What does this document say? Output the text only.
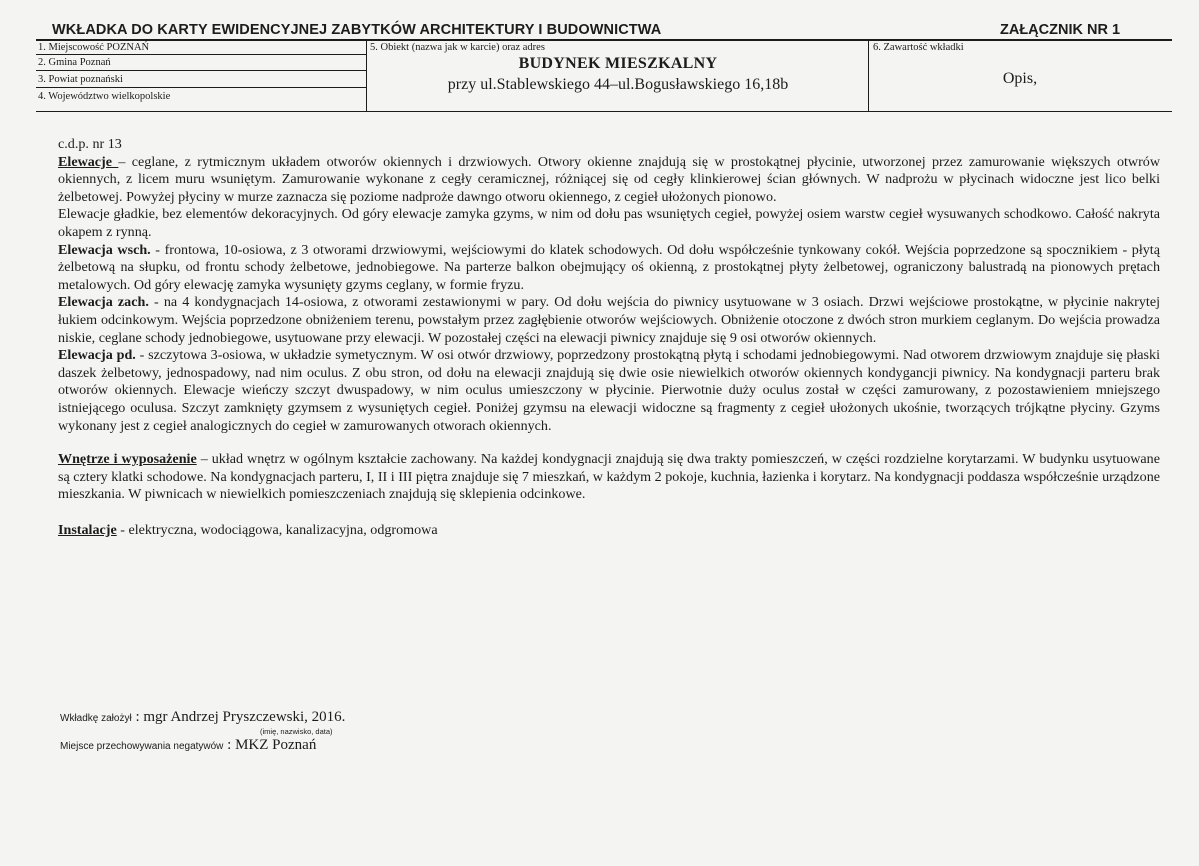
WKŁADKA DO KARTY EWIDENCYJNEJ ZABYTKÓW ARCHITEKTURY I BUDOWNICTWA	ZAŁĄCZNIK NR 1
1. Miejscowość POZNAŃ
2. Gmina Poznań
3. Powiat poznański
4. Województwo wielkopolskie
5. Obiekt (nazwa jak w karcie) oraz adres
BUDYNEK MIESZKALNY
przy ul.Stablewskiego 44–ul.Bogusławskiego 16,18b
6. Zawartość wkładki
Opis,

c.d.p. nr 13

Elewacje – ceglane, z rytmicznym układem otworów okiennych i drzwiowych. Otwory okienne znajdują się w prostokątnej płycinie, utworzonej przez zamurowanie większych otwrów okiennych, z licem muru wsuniętym. Zamurowanie wykonane z cegły ceramicznej, różniącej się od cegły klinkierowej ścian głównych. W nadprożu w płycinach widoczne jest lico belki żelbetowej. Powyżej płyciny w murze zaznacza się poziome nadproże dawngo otworu okiennego, z cegieł ułożonych pionowo.

Elewacje gładkie, bez elementów dekoracyjnych. Od góry elewacje zamyka gzyms, w nim od dołu pas wsuniętych cegieł, powyżej osiem warstw cegieł wysuwanych schodkowo. Całość nakryta okapem z rynną.

Elewacja wsch. - frontowa, 10-osiowa, z 3 otworami drzwiowymi, wejściowymi do klatek schodowych. Od dołu współcześnie tynkowany cokół. Wejścia poprzedzone są spocznikiem - płytą żelbetową na słupku, od frontu schody żelbetowe, jednobiegowe. Na parterze balkon obejmujący oś okienną, z prostokątnej płyty żelbetowej, ograniczony balustradą na pionowych prętach metalowych. Od góry elewację zamyka wysunięty gzyms ceglany, w formie fryzu.

Elewacja zach. - na 4 kondygnacjach 14-osiowa, z otworami zestawionymi w pary. Od dołu wejścia do piwnicy usytuowane w 3 osiach. Drzwi wejściowe prostokątne, w płycinie nakrytej łukiem odcinkowym. Wejścia poprzedzone obniżeniem terenu, powstałym przez zagłębienie otworów wejściowych. Obniżenie otoczone z dwóch stron murkiem ceglanym. Do wejścia prowadza niskie, ceglane schody jednobiegowe, usytuowane przy elewacji. W pozostałej części na elewacji piwnicy znajduje się 9 osi otworów okiennych.

Elewacja pd. - szczytowa 3-osiowa, w układzie symetycznym. W osi otwór drzwiowy, poprzedzony prostokątną płytą i schodami jednobiegowymi. Nad otworem drzwiowym znajduje się płaski daszek żelbetowy, jednospadowy, nad nim oculus. Z obu stron, od dołu na elewacji znajdują się dwie osie niewielkich otworów okiennych kondygancji piwnicy. Na kondygnacji parteru brak otworów okiennych. Elewacje wieńczy szczyt dwuspadowy, w nim oculus umieszczony w płycinie. Pierwotnie duży oculus został w części zamurowany, z pozostawieniem mniejszego istniejącego oculusa. Szczyt zamknięty gzymsem z wysuniętych cegieł. Poniżej gzymsu na elewacji widoczne są fragmenty z cegieł ułożonych ukośnie, tworzących trójkątne płyciny. Gzyms wykonany jest z cegieł analogicznych do cegieł w zamurowanych otworach okiennych.

Wnętrze i wyposażenie – układ wnętrz w ogólnym kształcie zachowany. Na każdej kondygnacji znajdują się dwa trakty pomieszczeń, w części rozdzielne korytarzami. W budynku usytuowane są cztery klatki schodowe. Na kondygnacjach parteru, I, II i III piętra znajduje się 7 mieszkań, w każdym 2 pokoje, kuchnia, łazienka i korytarz. Na kondygnacji poddasza współcześnie urządzone mieszkania. W piwnicach w niewielkich pomieszczeniach znajdują się sklepienia odcinkowe.

Instalacje - elektryczna, wodociągowa, kanalizacyjna, odgromowa

Wkładkę założył : mgr Andrzej Pryszczewski, 2016.
(imię, nazwisko, data)
Miejsce przechowywania negatywów : MKZ Poznań
